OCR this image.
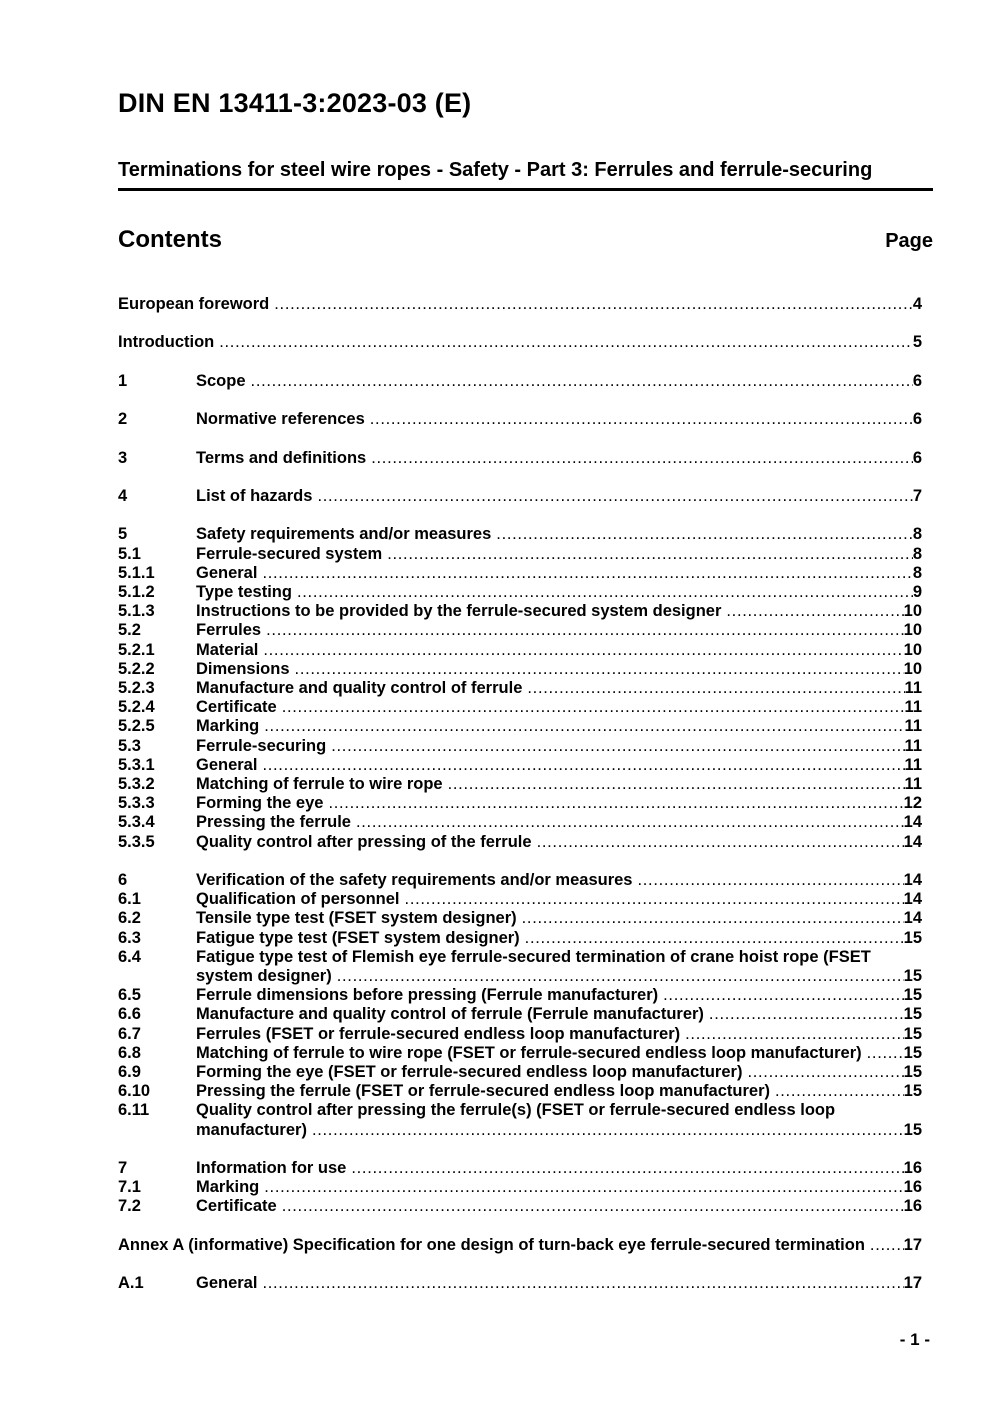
DIN EN 13411-3:2023-03 (E)
Terminations for steel wire ropes - Safety - Part 3: Ferrules and ferrule-securing
Contents	Page
European foreword .....	4
Introduction .....	5
1	Scope .....	6
2	Normative references .....	6
3	Terms and definitions .....	6
4	List of hazards .....	7
5	Safety requirements and/or measures .....	8
5.1	Ferrule-secured system .....	8
5.1.1	General .....	8
5.1.2	Type testing .....	9
5.1.3	Instructions to be provided by the ferrule-secured system designer .....	10
5.2	Ferrules .....	10
5.2.1	Material .....	10
5.2.2	Dimensions .....	10
5.2.3	Manufacture and quality control of ferrule .....	11
5.2.4	Certificate .....	11
5.2.5	Marking .....	11
5.3	Ferrule-securing .....	11
5.3.1	General .....	11
5.3.2	Matching of ferrule to wire rope .....	11
5.3.3	Forming the eye .....	12
5.3.4	Pressing the ferrule .....	14
5.3.5	Quality control after pressing of the ferrule .....	14
6	Verification of the safety requirements and/or measures .....	14
6.1	Qualification of personnel .....	14
6.2	Tensile type test (FSET system designer) .....	14
6.3	Fatigue type test (FSET system designer) .....	15
6.4	Fatigue type test of Flemish eye ferrule-secured termination of crane hoist rope (FSET
system designer) .....	15
6.5	Ferrule dimensions before pressing (Ferrule manufacturer) .....	15
6.6	Manufacture and quality control of ferrule (Ferrule manufacturer) .....	15
6.7	Ferrules (FSET or ferrule-secured endless loop manufacturer) .....	15
6.8	Matching of ferrule to wire rope (FSET or ferrule-secured endless loop manufacturer) .....	15
6.9	Forming the eye (FSET or ferrule-secured endless loop manufacturer) .....	15
6.10	Pressing the ferrule (FSET or ferrule-secured endless loop manufacturer) .....	15
6.11	Quality control after pressing the ferrule(s) (FSET or ferrule-secured endless loop
manufacturer) .....	15
7	Information for use .....	16
7.1	Marking .....	16
7.2	Certificate .....	16
Annex A (informative) Specification for one design of turn-back eye ferrule-secured termination ..... 17
A.1	General .....	17
- 1 -
